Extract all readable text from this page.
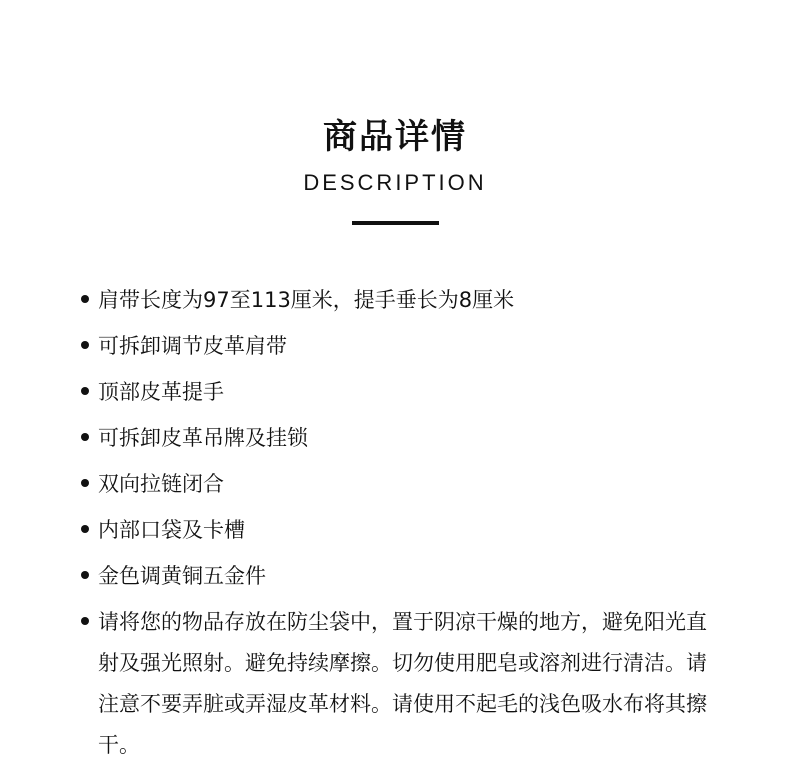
商品详情
DESCRIPTION
肩带长度为97至113厘米，提手垂长为8厘米
可拆卸调节皮革肩带
顶部皮革提手
可拆卸皮革吊牌及挂锁
双向拉链闭合
内部口袋及卡槽
金色调黄铜五金件
请将您的物品存放在防尘袋中，置于阴凉干燥的地方，避免阳光直射及强光照射。避免持续摩擦。切勿使用肥皂或溶剂进行清洁。请注意不要弄脏或弄湿皮革材料。请使用不起毛的浅色吸水布将其擦干。
